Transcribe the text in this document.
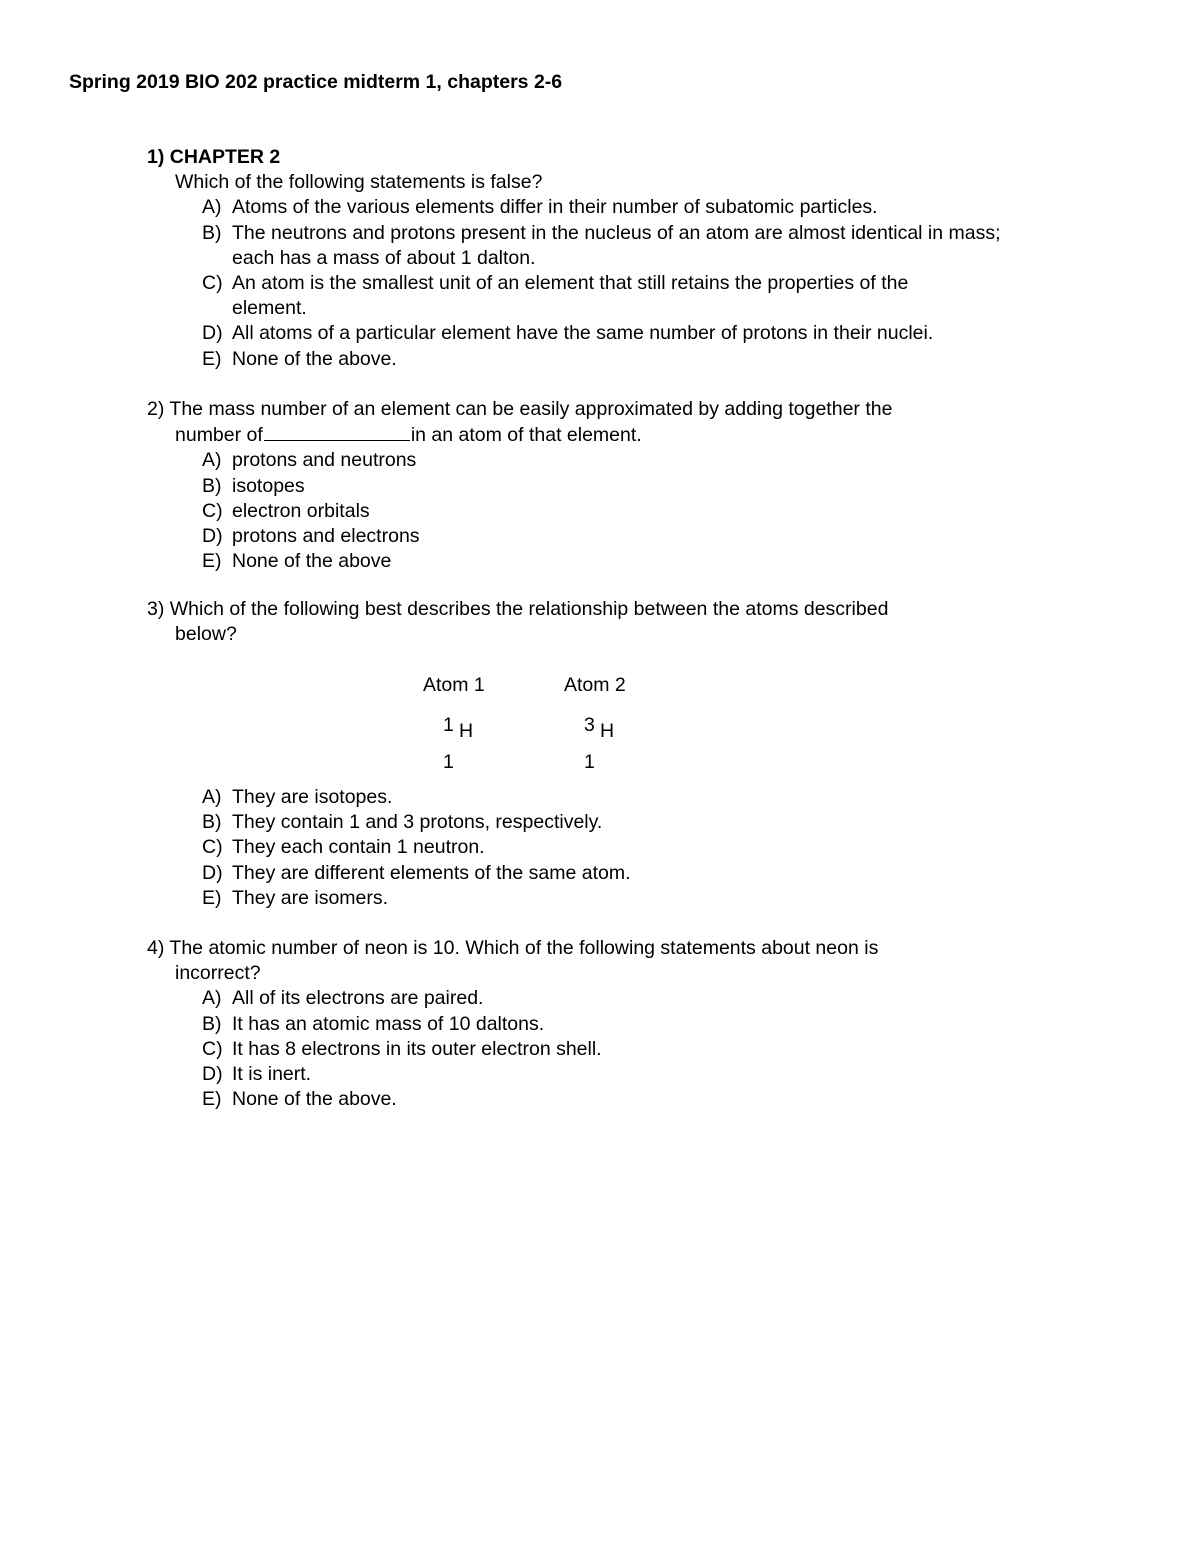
Spring 2019 BIO 202 practice midterm 1, chapters 2-6
1) CHAPTER 2
Which of the following statements is false?
A) Atoms of the various elements differ in their number of subatomic particles.
B) The neutrons and protons present in the nucleus of an atom are almost identical in mass;
each has a mass of about 1 dalton.
C) An atom is the smallest unit of an element that still retains the properties of the
element.
D) All atoms of a particular element have the same number of protons in their nuclei.
E) None of the above.
2) The mass number of an element can be easily approximated by adding together the
number of	in an atom of that element.
A) protons and neutrons
B) isotopes
C) electron orbitals
D) protons and electrons
E) None of the above
3) Which of the following best describes the relationship between the atoms described
below?
Atom 1
1 H
1
Atom 2
3 H
1
A) They are isotopes.
B) They contain 1 and 3 protons, respectively.
C) They each contain 1 neutron.
D) They are different elements of the same atom.
E) They are isomers.
4) The atomic number of neon is 10. Which of the following statements about neon is
incorrect?
A) All of its electrons are paired.
B) It has an atomic mass of 10 daltons.
C) It has 8 electrons in its outer electron shell.
D) It is inert.
E) None of the above.
